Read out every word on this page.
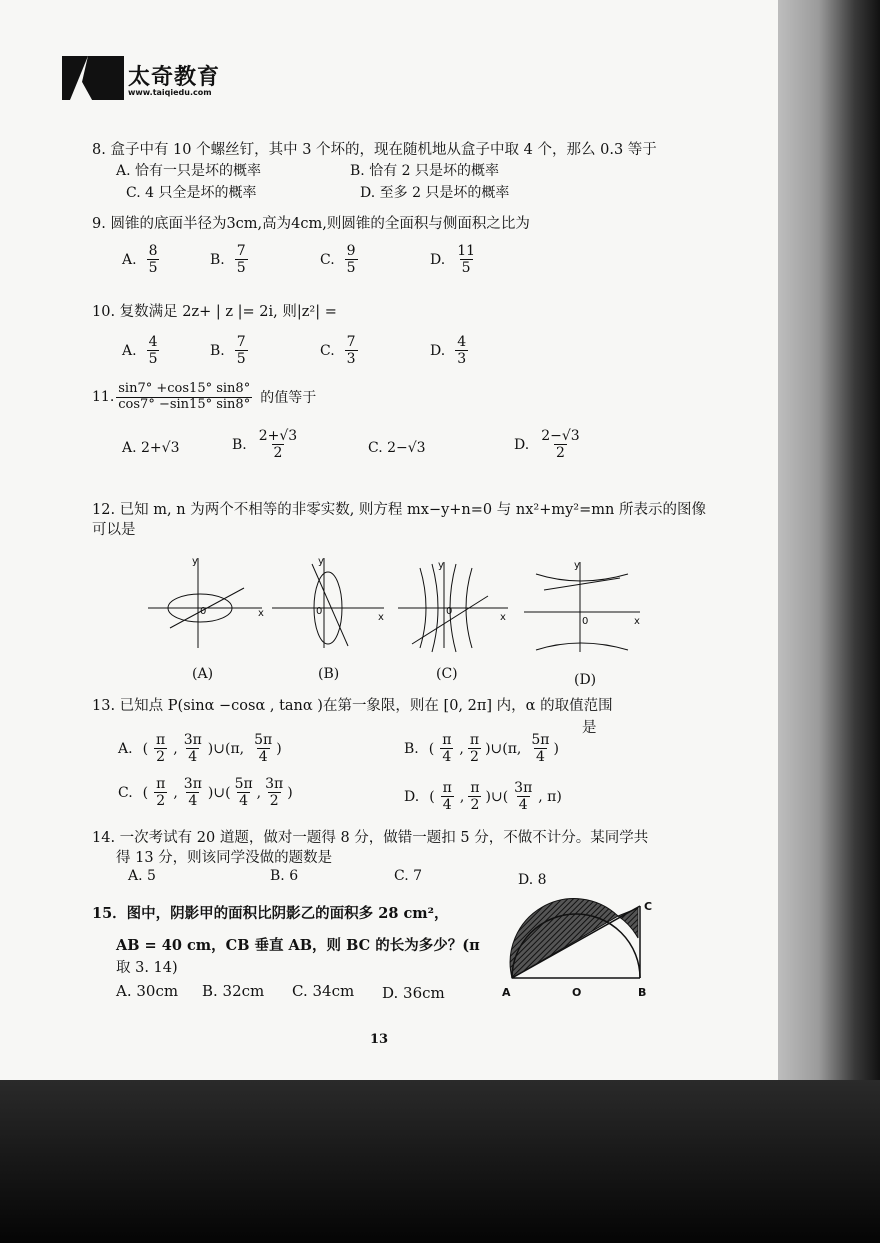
太奇教育
www.taiqiedu.com
8. 盒子中有 10 个螺丝钉，其中 3 个坏的，现在随机地从盒子中取 4 个，那么 0.3 等于
A. 恰有一只是坏的概率	B. 恰有 2 只是坏的概率
C. 4 只全是坏的概率	D. 至多 2 只是坏的概率
9. 圆锥的底面半径为3cm,高为4cm,则圆锥的全面积与侧面积之比为
A. $\frac{8}{5}$	B. $\frac{7}{5}$	C. $\frac{9}{5}$	D. $\frac{11}{5}$
10. 复数满足 2z+ | z |= 2i, 则|z²| =
A. $\frac{4}{5}$	B. $\frac{7}{5}$	C. $\frac{7}{3}$	D. $\frac{4}{3}$
11. $\frac{\sin 7^\circ +\cos 15^\circ \sin 8^\circ}{\cos 7^\circ -\sin 15^\circ \sin 8^\circ}$ 的值等于
A. 2+√3	B. $\frac{2+√3}{2}$	C. 2−√3	D. $\frac{2-√3}{2}$
12. 已知 m, n 为两个不相等的非零实数, 则方程 mx−y+n=0 与 nx²+my²=mn 所表示的图像
可以是
x
y
0
x
y
0
x
y
0
x
y
0
(A)	(B)	(C)	(D)
13. 已知点 P(sinα −cosα , tanα )在第一象限，则在 [0, 2π] 内，α 的取值范围
是
A. ( $\frac{\pi}{2}$ , $\frac{3\pi}{4}$ )∪(π, $\frac{5\pi}{4}$ )	B. ( $\frac{\pi}{4}$ , $\frac{\pi}{2}$ )∪(π, $\frac{5\pi}{4}$ )
C. ( $\frac{\pi}{2}$ , $\frac{3\pi}{4}$ )∪( $\frac{5\pi}{4}$ , $\frac{3\pi}{2}$ )	D. ( $\frac{\pi}{4}$ , $\frac{\pi}{2}$ )∪( $\frac{3\pi}{4}$ , π)
14. 一次考试有 20 道题，做对一题得 8 分，做错一题扣 5 分，不做不计分。某同学共
得 13 分，则该同学没做的题数是
A. 5	B. 6	C. 7	D. 8
15．图中，阴影甲的面积比阴影乙的面积多 28 cm²，
AB = 40 cm，CB 垂直 AB，则 BC 的长为多少？(π
取 3. 14)
A. 30cm B. 32cm C. 34cm D. 36cm	A	O	B
C
13
